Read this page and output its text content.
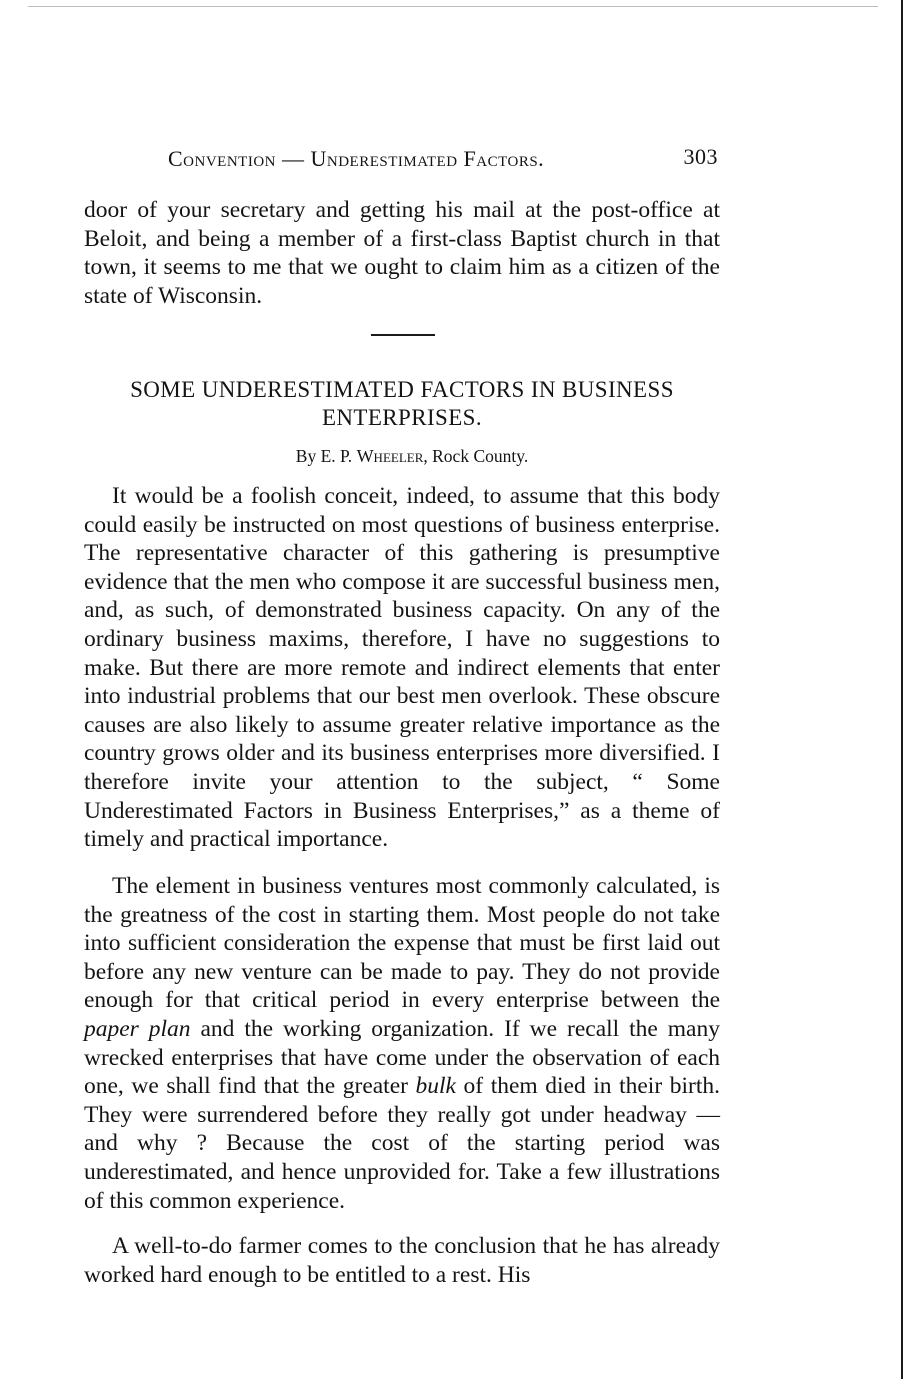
Convention — Underestimated Factors.	303

door of your secretary and getting his mail at the post-office at Beloit, and being a member of a first-class Baptist church in that town, it seems to me that we ought to claim him as a citizen of the state of Wisconsin.

SOME UNDERESTIMATED FACTORS IN BUSINESS
ENTERPRISES.
By E. P. Wheeler, Rock County.

It would be a foolish conceit, indeed, to assume that this body could easily be instructed on most questions of business enterprise. The representative character of this gathering is presumptive evidence that the men who compose it are successful business men, and, as such, of demonstrated business capacity. On any of the ordinary business maxims, therefore, I have no suggestions to make. But there are more remote and indirect elements that enter into industrial problems that our best men overlook. These obscure causes are also likely to assume greater relative importance as the country grows older and its business enterprises more diversified. I therefore invite your attention to the subject, “ Some Underestimated Factors in Business Enterprises,” as a theme of timely and practical importance.

The element in business ventures most commonly calculated, is the greatness of the cost in starting them. Most people do not take into sufficient consideration the expense that must be first laid out before any new venture can be made to pay. They do not provide enough for that critical period in every enterprise between the paper plan and the working organization. If we recall the many wrecked enterprises that have come under the observation of each one, we shall find that the greater bulk of them died in their birth. They were surrendered before they really got under headway — and why ? Because the cost of the starting period was underestimated, and hence unprovided for. Take a few illustrations of this common experience.

A well-to-do farmer comes to the conclusion that he has already worked hard enough to be entitled to a rest. His
